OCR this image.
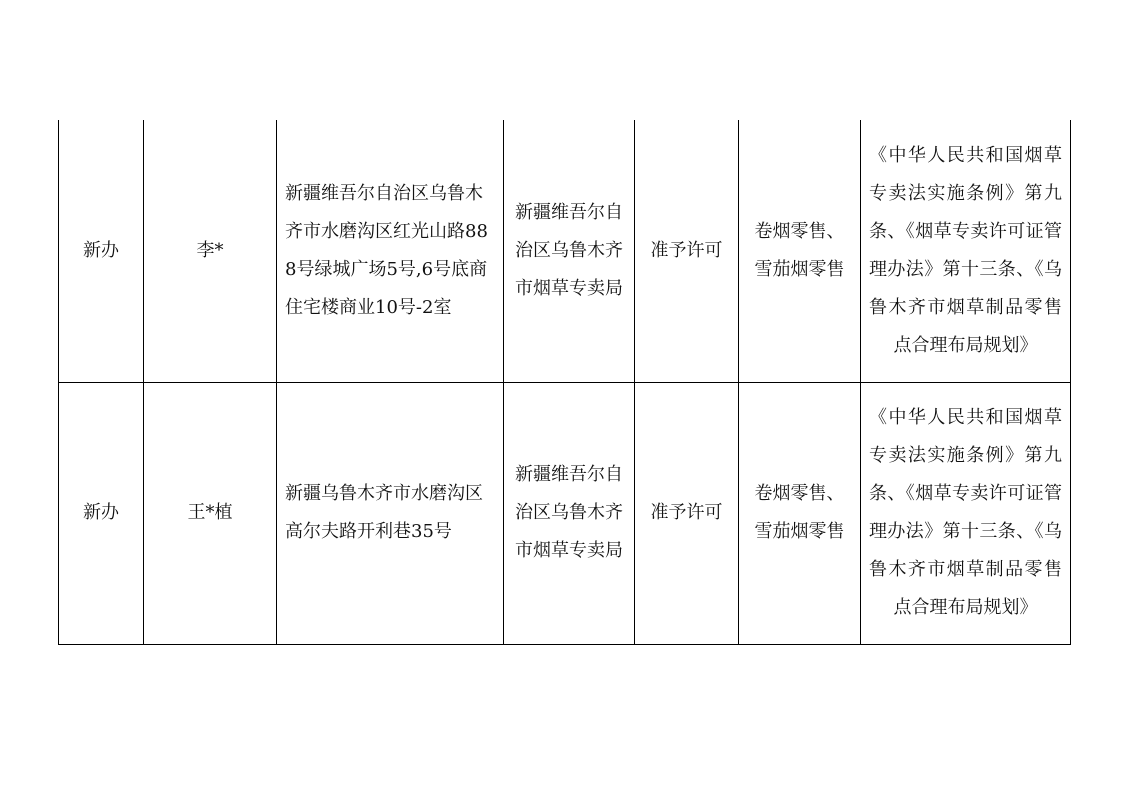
新办	李*	新疆维吾尔自治区乌鲁木齐市水磨沟区红光山路888号绿城广场5号,6号底商住宅楼商业10号-2室	新疆维吾尔自治区乌鲁木齐市烟草专卖局	准予许可	卷烟零售、雪茄烟零售	《中华人民共和国烟草专卖法实施条例》第九条、《烟草专卖许可证管理办法》第十三条、《乌鲁木齐市烟草制品零售点合理布局规划》
新办	王*植	新疆乌鲁木齐市水磨沟区高尔夫路开利巷35号	新疆维吾尔自治区乌鲁木齐市烟草专卖局	准予许可	卷烟零售、雪茄烟零售	《中华人民共和国烟草专卖法实施条例》第九条、《烟草专卖许可证管理办法》第十三条、《乌鲁木齐市烟草制品零售点合理布局规划》
